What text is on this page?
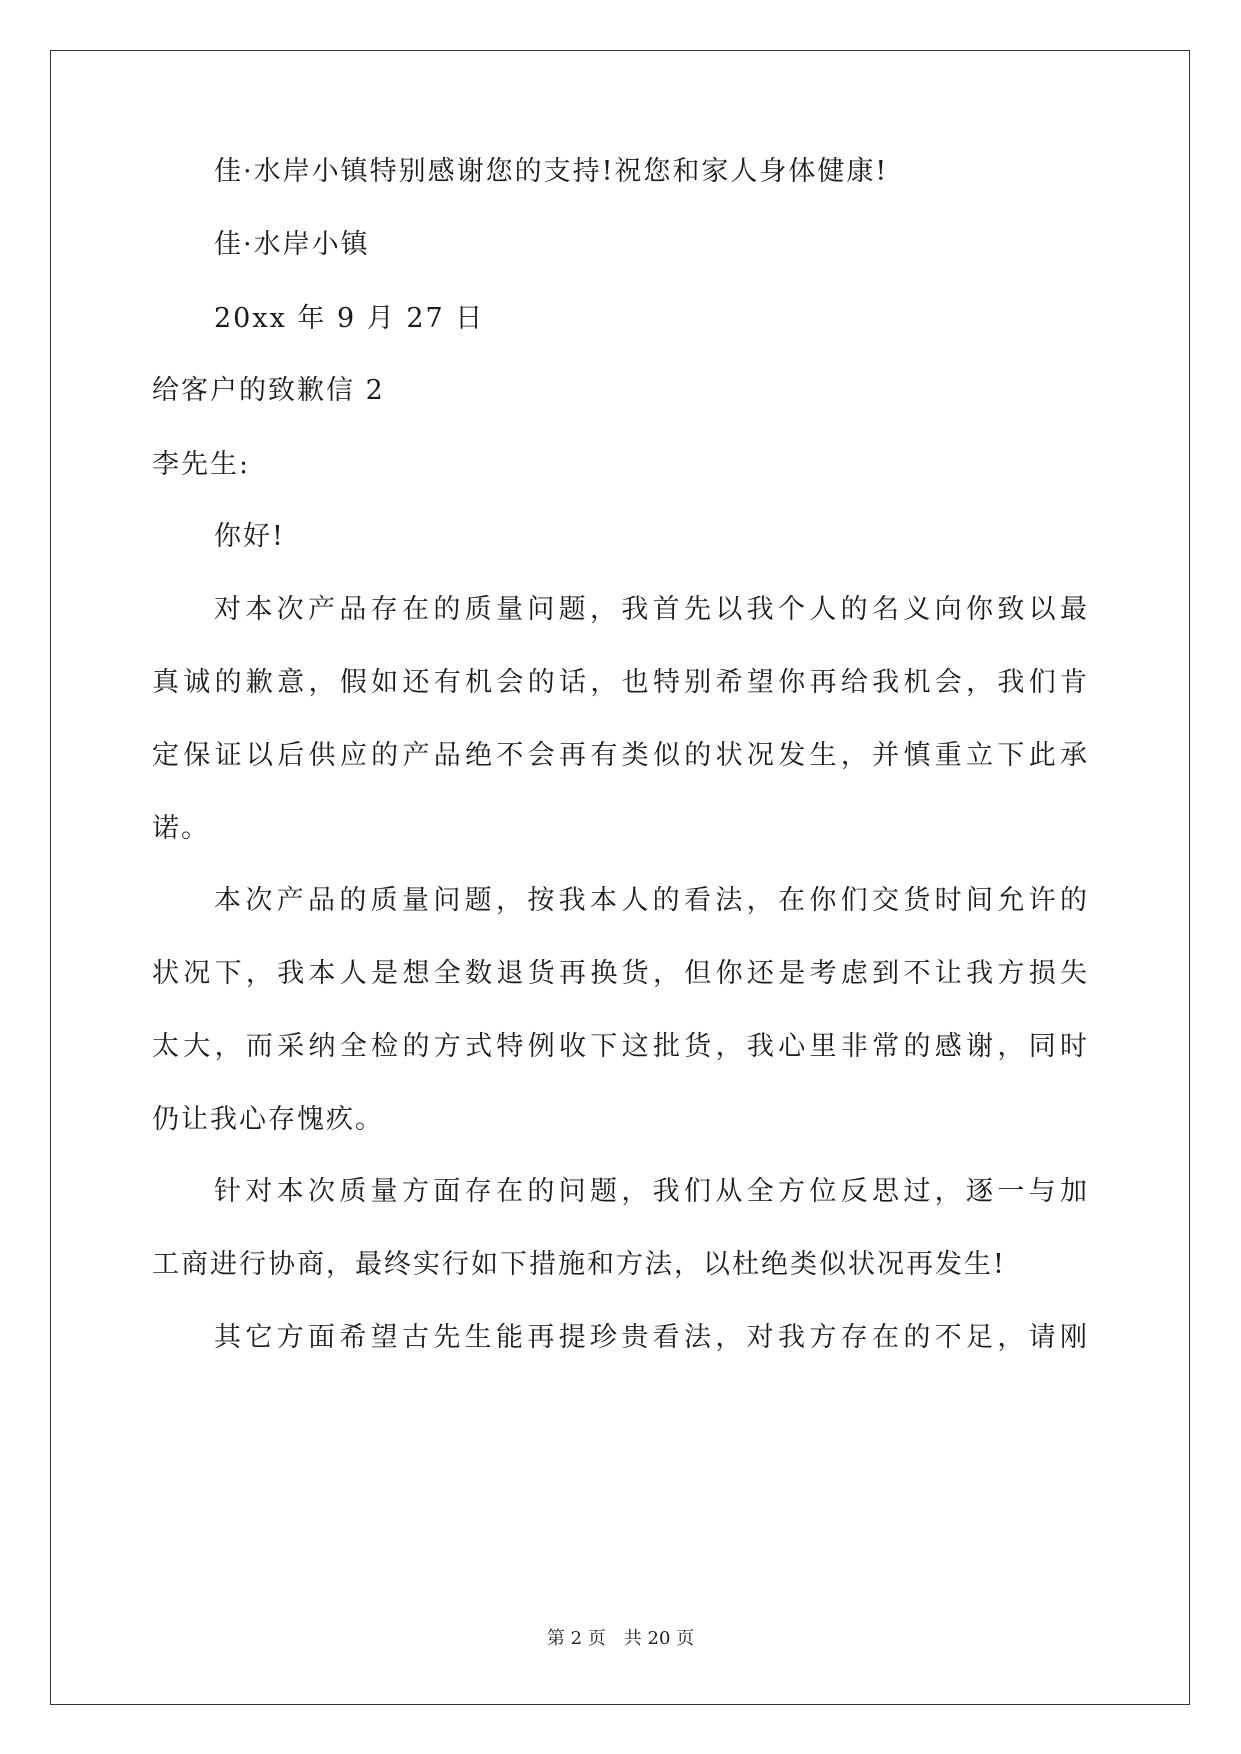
佳·水岸小镇特别感谢您的支持!祝您和家人身体健康!
佳·水岸小镇
20xx 年 9 月 27 日
给客户的致歉信 2
李先生:
你好!
对本次产品存在的质量问题，我首先以我个人的名义向你致以最
真诚的歉意，假如还有机会的话，也特别希望你再给我机会，我们肯
定保证以后供应的产品绝不会再有类似的状况发生，并慎重立下此承
诺。
本次产品的质量问题，按我本人的看法，在你们交货时间允许的
状况下，我本人是想全数退货再换货，但你还是考虑到不让我方损失
太大，而采纳全检的方式特例收下这批货，我心里非常的感谢，同时
仍让我心存愧疚。
针对本次质量方面存在的问题，我们从全方位反思过，逐一与加
工商进行协商，最终实行如下措施和方法，以杜绝类似状况再发生!
其它方面希望古先生能再提珍贵看法，对我方存在的不足，请刚
第 2 页　共 20 页
